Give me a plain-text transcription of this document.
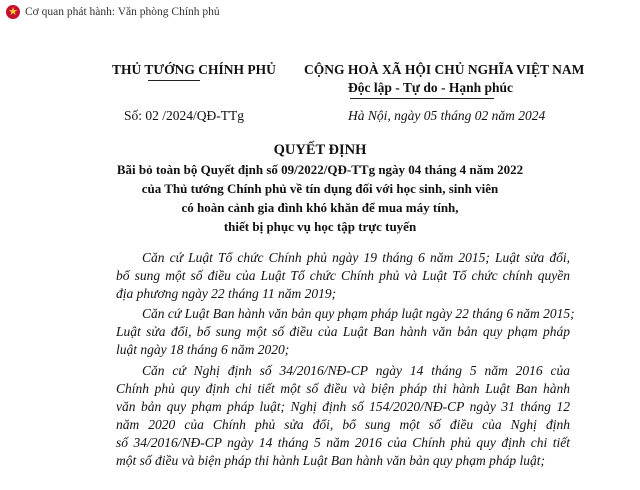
★ Cơ quan phát hành: Văn phòng Chính phủ
THỦ TƯỚNG CHÍNH PHỦ CỘNG HOÀ XÃ HỘI CHỦ NGHĨA VIỆT NAM
Độc lập - Tự do - Hạnh phúc
Số: 02 /2024/QĐ-TTg	Hà Nội, ngày 05 tháng 02 năm 2024
QUYẾT ĐỊNH
Bãi bỏ toàn bộ Quyết định số 09/2022/QĐ-TTg ngày 04 tháng 4 năm 2022
của Thủ tướng Chính phủ về tín dụng đối với học sinh, sinh viên
có hoàn cảnh gia đình khó khăn để mua máy tính,
thiết bị phục vụ học tập trực tuyến
Căn cứ Luật Tổ chức Chính phủ ngày 19 tháng 6 năm 2015; Luật sửa đổi,
bổ sung một số điều của Luật Tổ chức Chính phủ và Luật Tổ chức chính quyền
địa phương ngày 22 tháng 11 năm 2019;
Căn cứ Luật Ban hành văn bản quy phạm pháp luật ngày 22 tháng 6 năm 2015;
Luật sửa đổi, bổ sung một số điều của Luật Ban hành văn bản quy phạm pháp
luật ngày 18 tháng 6 năm 2020;
Căn cứ Nghị định số 34/2016/NĐ-CP ngày 14 tháng 5 năm 2016 của
Chính phủ quy định chi tiết một số điều và biện pháp thi hành Luật Ban hành
văn bản quy phạm pháp luật; Nghị định số 154/2020/NĐ-CP ngày 31 tháng 12
năm 2020 của Chính phủ sửa đổi, bổ sung một số điều của Nghị định
số 34/2016/NĐ-CP ngày 14 tháng 5 năm 2016 của Chính phủ quy định chi tiết
một số điều và biện pháp thi hành Luật Ban hành văn bản quy phạm pháp luật;
